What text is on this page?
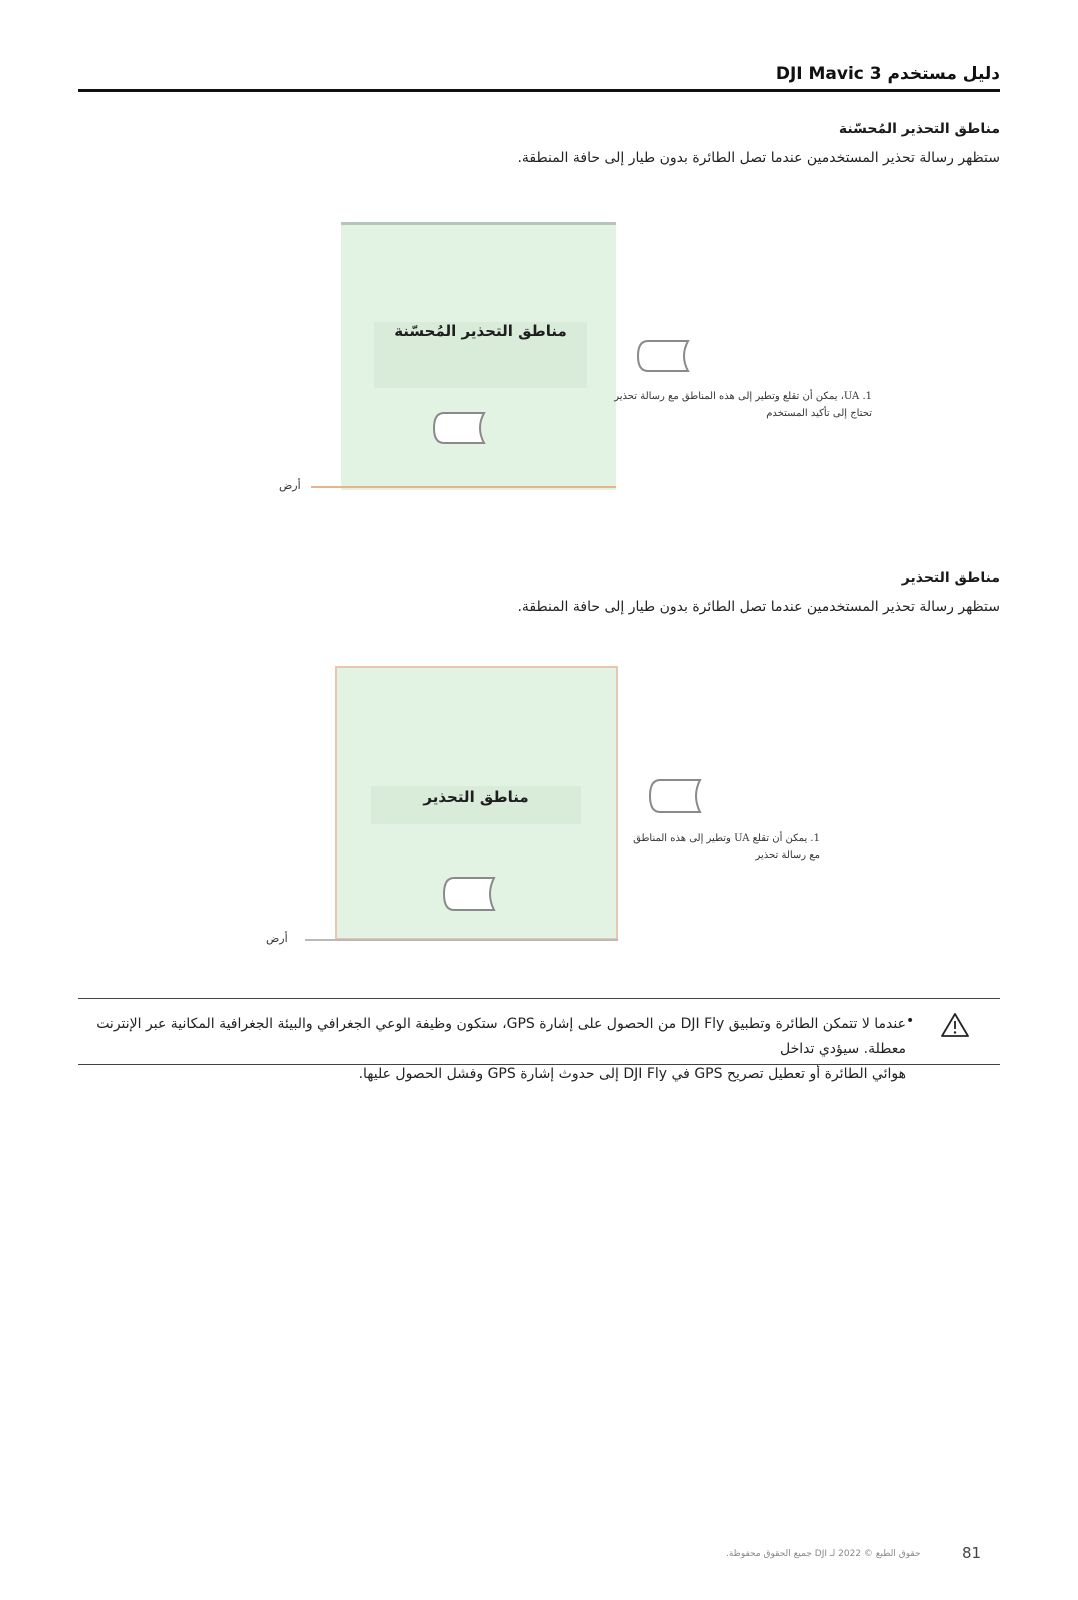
دليل مستخدم DJI Mavic 3
مناطق التحذير المُحسّنة
ستظهر رسالة تحذير المستخدمين عندما تصل الطائرة بدون طيار إلى حافة المنطقة.
مناطق التحذير المُحسّنة
1. UA، يمكن أن تقلع وتطير إلى هذه المناطق مع رسالة تحذير
تحتاج إلى تأكيد المستخدم
أرض
مناطق التحذير
ستظهر رسالة تحذير المستخدمين عندما تصل الطائرة بدون طيار إلى حافة المنطقة.
مناطق التحذير
1. يمكن أن تقلع UA وتطير إلى هذه المناطق
مع رسالة تحذير
أرض
•
عندما لا تتمكن الطائرة وتطبيق DJI Fly من الحصول على إشارة GPS، ستكون وظيفة الوعي الجغرافي والبيئة الجغرافية المكانية عبر الإنترنت معطلة. سيؤدي تداخل
هوائي الطائرة أو تعطيل تصريح GPS في DJI Fly إلى حدوث إشارة GPS وفشل الحصول عليها.
حقوق الطبع © 2022 لـ DJI جميع الحقوق محفوظة.	81
